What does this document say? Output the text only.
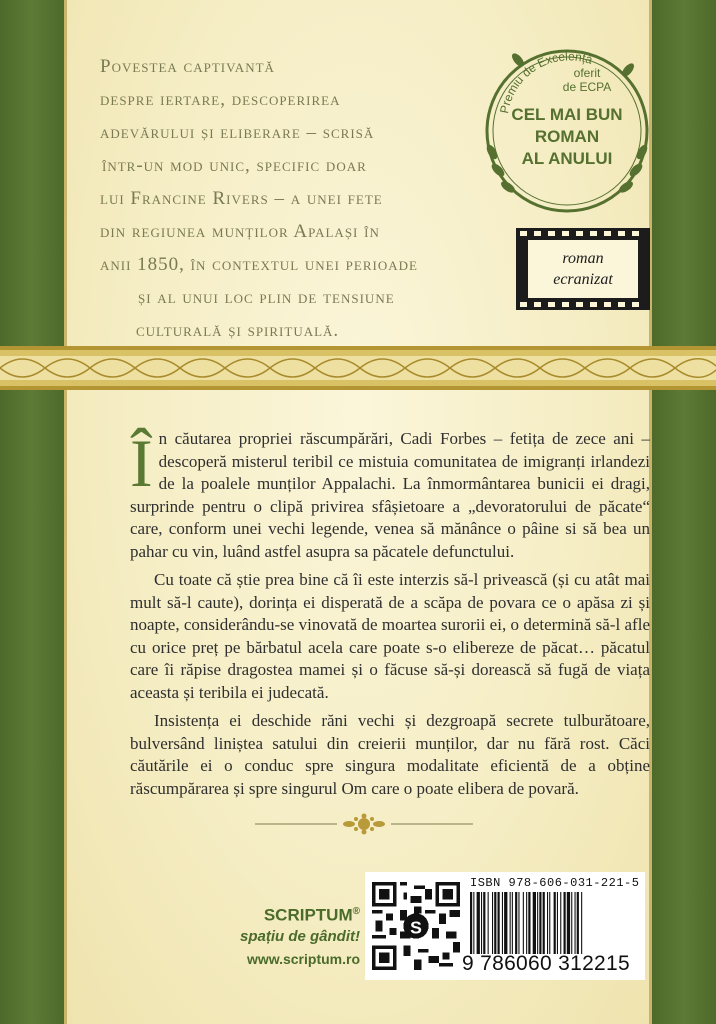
Povestea captivantă
despre iertare, descoperirea
adevărului și eliberare – scrisă
într-un mod unic, specific doar
lui Francine Rivers – a unei fete
din regiunea munților Apalași în
anii 1850, în contextul unei perioade
și al unui loc plin de tensiune
culturală și spirituală.
Premiu de Excelență
oferit
de ECPA
CEL MAI BUN
ROMAN
AL ANULUI
roman
ecranizat

În căutarea propriei răscumpărări, Cadi Forbes – fetița de zece ani – descoperă misterul teribil ce mistuia comunitatea de imigranți irlandezi de la poalele munților Appalachi. La înmormântarea bunicii ei dragi, surprinde pentru o clipă privirea sfâșietoare a „devoratorului de păcate“ care, conform unei vechi legende, venea să mănânce o pâine si să bea un pahar cu vin, luând astfel asupra sa păcatele defunctului.

Cu toate că știe prea bine că îi este interzis să-l privească (și cu atât mai mult să-l caute), dorința ei disperată de a scăpa de povara ce o apăsa zi și noapte, considerându-se vinovată de moartea surorii ei, o determină să-l afle cu orice preț pe bărbatul acela care poate s-o elibereze de păcat… păcatul care îi răpise dragostea mamei și o făcuse să-și dorească să fugă de viața aceasta și teribila ei judecată.

Insistența ei deschide răni vechi și dezgroapă secrete tulburătoare, bulversând liniștea satului din creierii munților, dar nu fără rost. Căci căutările ei o conduc spre singura modalitate eficientă de a obține răscumpărarea și spre singurul Om care o poate elibera de povară.

SCRIPTUM®
spațiu de gândit!
www.scriptum.ro
S
ISBN 978-606-031-221-5
9 786060 312215
